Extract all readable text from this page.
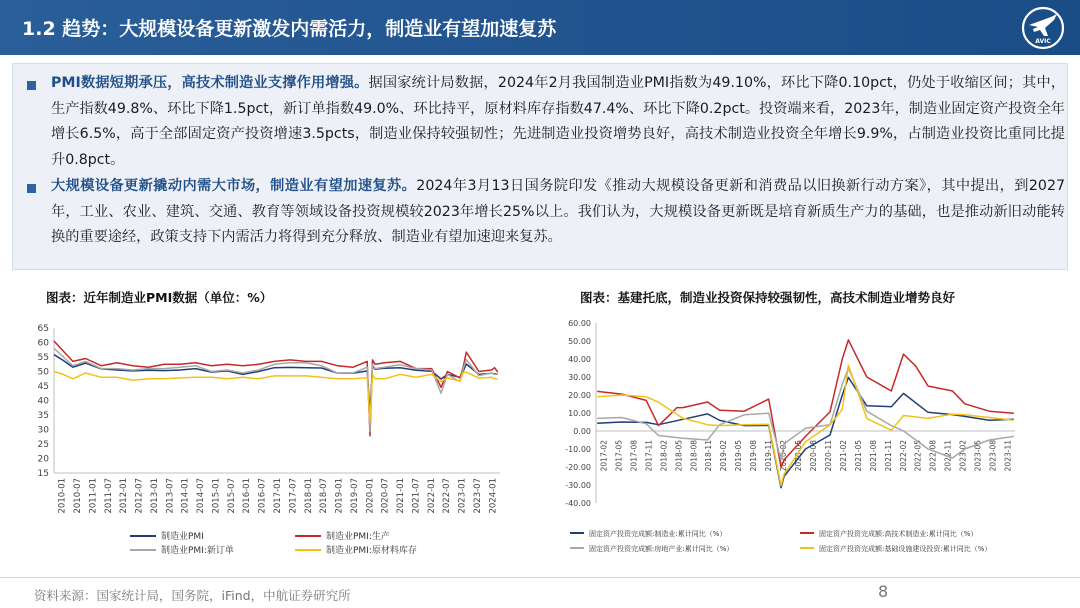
1.2 趋势：大规模设备更新激发内需活力，制造业有望加速复苏
AVIC
PMI数据短期承压，高技术制造业支撑作用增强。据国家统计局数据，2024年2月我国制造业PMI指数为49.10%，环比下降0.10pct，仍处于收缩区间；其中，生产指数49.8%、环比下降1.5pct，新订单指数49.0%、环比持平，原材料库存指数47.4%、环比下降0.2pct。投资端来看，2023年，制造业固定资产投资全年增长6.5%，高于全部固定资产投资增速3.5pcts，制造业保持较强韧性；先进制造业投资增势良好，高技术制造业投资全年增长9.9%，占制造业投资比重同比提升0.8pct。
大规模设备更新撬动内需大市场，制造业有望加速复苏。2024年3月13日国务院印发《推动大规模设备更新和消费品以旧换新行动方案》，其中提出，到2027年，工业、农业、建筑、交通、教育等领域设备投资规模较2023年增长25%以上。我们认为，大规模设备更新既是培育新质生产力的基础，也是推动新旧动能转换的重要途经，政策支持下内需活力将得到充分释放、制造业有望加速迎来复苏。
图表：近年制造业PMI数据（单位：%）	图表：基建托底，制造业投资保持较强韧性，高技术制造业增势良好
15
20
25
30
35
40
45
50
55
60
65
2010-01 2010-07 2011-01 2011-07 2012-01 2012-07 2013-01 2013-07 2014-01 2014-07 2015-01 2015-07 2016-01 2016-07 2017-01 2017-07 2018-01 2018-07 2019-01 2019-07 2020-01 2020-07 2021-01 2021-07 2022-01 2022-07 2023-01 2023-07 2024-01
制造业PMI	制造业PMI:生产
制造业PMI:新订单	制造业PMI:原材料库存
60.00
50.00
40.00
30.00
20.00
10.00
0.00
-10.00
-20.00
-30.00
-40.00
2017-02 2017-05 2017-08 2017-11 2018-02 2018-05 2018-08 2018-11 2019-02 2019-05 2019-08 2019-11 2020-02 2020-05 2020-08 2020-11 2021-02 2021-05 2021-08 2021-11 2022-02 2022-05 2022-08 2022-11 2023-02 2023-05 2023-08 2023-11
固定资产投资完成额:制造业:累计同比（%）	固定资产投资完成额:高技术制造业:累计同比（%）
固定资产投资完成额:房地产业:累计同比（%）	固定资产投资完成额:基础设施建设投资:累计同比（%）
资料来源：国家统计局，国务院，iFind，中航证券研究所	8
